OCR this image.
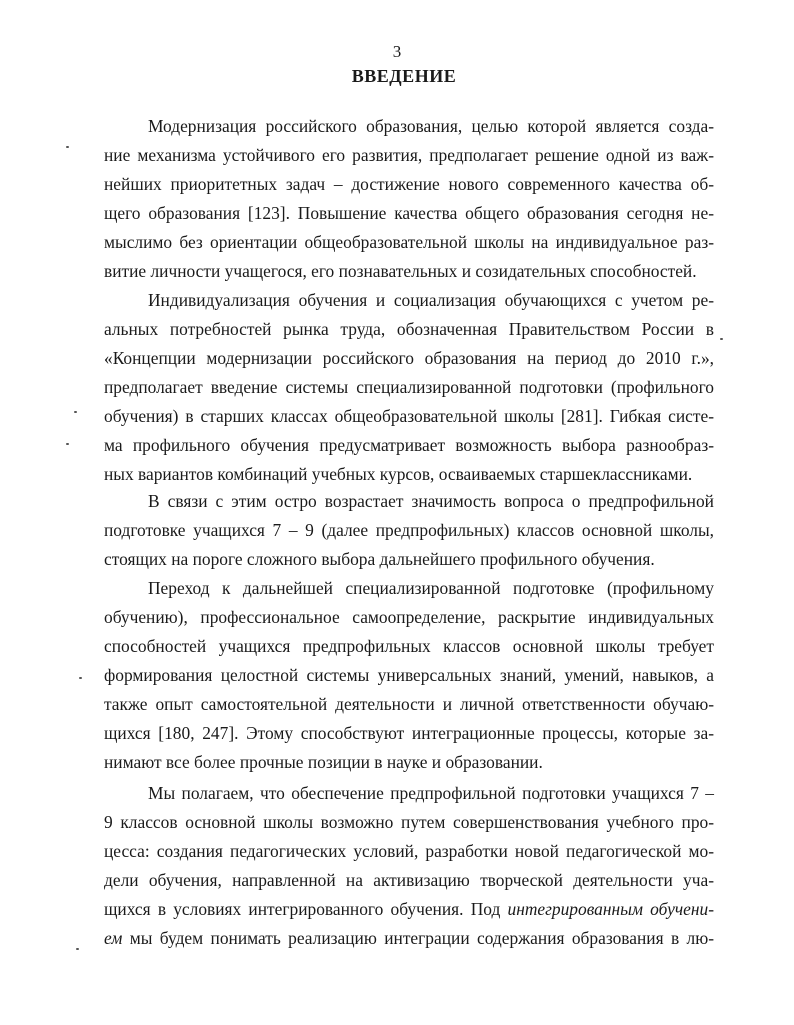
3
ВВЕДЕНИЕ

Модернизация российского образования, целью которой является созда-

ние механизма устойчивого его развития, предполагает решение одной из важ-

нейших приоритетных задач – достижение нового современного качества об-

щего образования [123]. Повышение качества общего образования сегодня не-

мыслимо без ориентации общеобразовательной школы на индивидуальное раз-

витие личности учащегося, его познавательных и созидательных способностей.

Индивидуализация обучения и социализация обучающихся с учетом ре-

альных потребностей рынка труда, обозначенная Правительством России в

«Концепции модернизации российского образования на период до 2010 г.»,

предполагает введение системы специализированной подготовки (профильного

обучения) в старших классах общеобразовательной школы [281]. Гибкая систе-

ма профильного обучения предусматривает возможность выбора разнообраз-

ных вариантов комбинаций учебных курсов, осваиваемых старшеклассниками.

В связи с этим остро возрастает значимость вопроса о предпрофильной

подготовке учащихся 7 – 9 (далее предпрофильных) классов основной школы,

стоящих на пороге сложного выбора дальнейшего профильного обучения.

Переход к дальнейшей специализированной подготовке (профильному

обучению), профессиональное самоопределение, раскрытие индивидуальных

способностей учащихся предпрофильных классов основной школы требует

формирования целостной системы универсальных знаний, умений, навыков, а

также опыт самостоятельной деятельности и личной ответственности обучаю-

щихся [180, 247]. Этому способствуют интеграционные процессы, которые за-

нимают все более прочные позиции в науке и образовании.

Мы полагаем, что обеспечение предпрофильной подготовки учащихся 7 –

9 классов основной школы возможно путем совершенствования учебного про-

цесса: создания педагогических условий, разработки новой педагогической мо-

дели обучения, направленной на активизацию творческой деятельности уча-

щихся в условиях интегрированного обучения. Под интегрированным обучени-

ем мы будем понимать реализацию интеграции содержания образования в лю-
